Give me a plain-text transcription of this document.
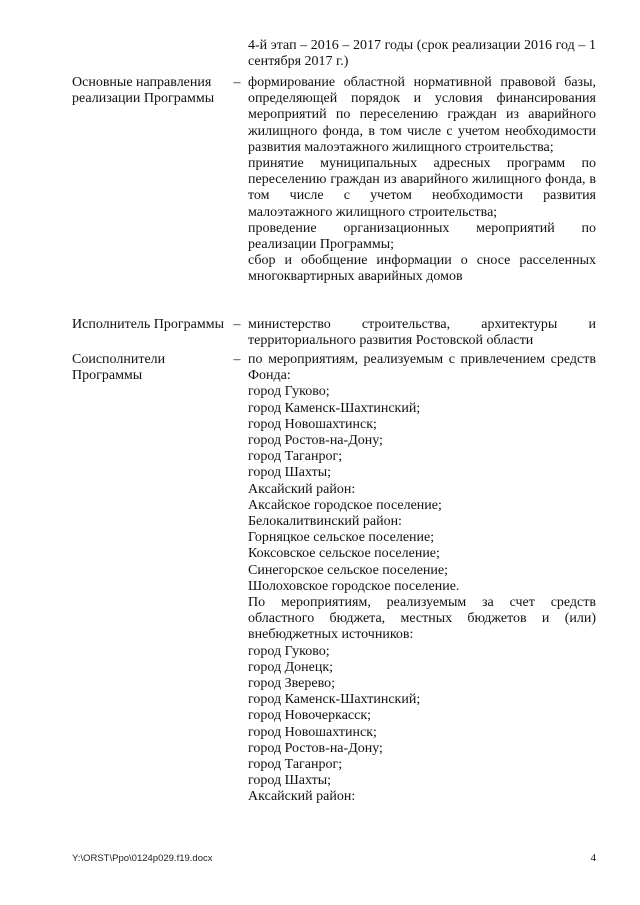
4-й этап – 2016 – 2017 годы (срок реализации 2016 год – 1 сентября 2017 г.)

Основные направления реализации Программы
– формирование областной нормативной правовой базы, определяющей порядок и условия финансирования мероприятий по переселению граждан из аварийного жилищного фонда, в том числе с учетом необходимости развития малоэтажного жилищного строительства;

принятие муниципальных адресных программ по переселению граждан из аварийного жилищного фонда, в том числе с учетом необходимости развития малоэтажного жилищного строительства;

проведение организационных мероприятий по реализации Программы;

сбор и обобщение информации о сносе расселенных многоквартирных аварийных домов

Исполнитель Программы – министерство строительства, архитектуры и территориального развития Ростовской области

Соисполнители Программы
– по мероприятиям, реализуемым с привлечением средств Фонда:

город Гуково;

город Каменск-Шахтинский;

город Новошахтинск;

город Ростов-на-Дону;

город Таганрог;

город Шахты;

Аксайский район:

Аксайское городское поселение;

Белокалитвинский район:

Горняцкое сельское поселение;

Коксовское сельское поселение;

Синегорское сельское поселение;

Шолоховское городское поселение.

По мероприятиям, реализуемым за счет средств областного бюджета, местных бюджетов и (или) внебюджетных источников:

город Гуково;

город Донецк;

город Зверево;

город Каменск-Шахтинский;

город Новочеркасск;

город Новошахтинск;

город Ростов-на-Дону;

город Таганрог;

город Шахты;

Аксайский район:

Y:\ORST\Ppo\0124p029.f19.docx	4
